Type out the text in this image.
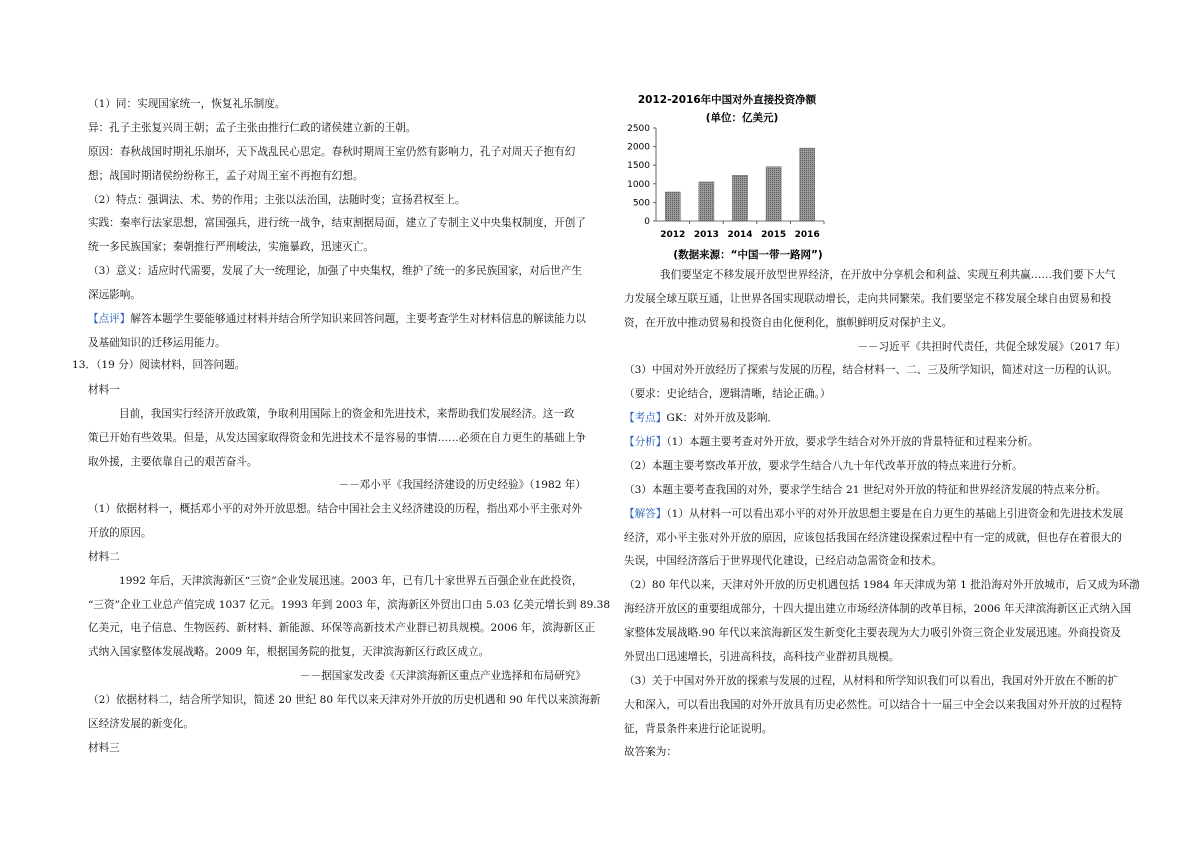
（1）同：实现国家统一，恢复礼乐制度。
异：孔子主张复兴周王朝；孟子主张由推行仁政的诸侯建立新的王朝。
原因：春秋战国时期礼乐崩坏，天下战乱民心思定。春秋时期周王室仍然有影响力，孔子对周天子抱有幻
想；战国时期诸侯纷纷称王，孟子对周王室不再抱有幻想。
（2）特点：强调法、术、势的作用；主张以法治国，法随时变；宣扬君权至上。
实践：秦率行法家思想，富国强兵，进行统一战争，结束割据局面，建立了专制主义中央集权制度，开创了
统一多民族国家；秦朝推行严刑峻法，实施暴政，迅速灭亡。
（3）意义：适应时代需要，发展了大一统理论，加强了中央集权，维护了统一的多民族国家，对后世产生
深远影响。
【点评】解答本题学生要能够通过材料并结合所学知识来回答问题，主要考查学生对材料信息的解读能力以
及基础知识的迁移运用能力。
13．（19 分）阅读材料，回答问题。
材料一
目前，我国实行经济开放政策，争取利用国际上的资金和先进技术，来帮助我们发展经济。这一政
策已开始有些效果。但是，从发达国家取得资金和先进技术不是容易的事情……必须在自力更生的基础上争
取外援，主要依靠自己的艰苦奋斗。
－－邓小平《我国经济建设的历史经验》（1982 年）
（1）依据材料一，概括邓小平的对外开放思想。结合中国社会主义经济建设的历程，指出邓小平主张对外
开放的原因。
材料二
1992 年后，天津滨海新区“三资”企业发展迅速。2003 年，已有几十家世界五百强企业在此投资，
“三资”企业工业总产值完成 1037 亿元。1993 年到 2003 年，滨海新区外贸出口由 5.03 亿美元增长到 89.38
亿美元，电子信息、生物医药、新材料、新能源、环保等高新技术产业群已初具规模。2006 年，滨海新区正
式纳入国家整体发展战略。2009 年，根据国务院的批复，天津滨海新区行政区成立。
－－据国家发改委《天津滨海新区重点产业选择和布局研究》
（2）依据材料二，结合所学知识，简述 20 世纪 80 年代以来天津对外开放的历史机遇和 90 年代以来滨海新
区经济发展的新变化。
材料三
2012-2016年中国对外直接投资净额
(单位：亿美元)
0
500
1000
1500
2000
2500
2012 2013 2014 2015 2016
(数据来源：“中国一带一路网”)
我们要坚定不移发展开放型世界经济，在开放中分享机会和利益、实现互利共赢……我们要下大气
力发展全球互联互通，让世界各国实现联动增长，走向共同繁荣。我们要坚定不移发展全球自由贸易和投
资，在开放中推动贸易和投资自由化便利化，旗帜鲜明反对保护主义。
－－习近平《共担时代责任，共促全球发展》（2017 年）
（3）中国对外开放经历了探索与发展的历程，结合材料一、二、三及所学知识，简述对这一历程的认识。
（要求：史论结合，逻辑清晰，结论正确。）
【考点】GK：对外开放及影响．
【分析】（1）本题主要考查对外开放，要求学生结合对外开放的背景特征和过程来分析。
（2）本题主要考察改革开放，要求学生结合八九十年代改革开放的特点来进行分析。
（3）本题主要考查我国的对外，要求学生结合 21 世纪对外开放的特征和世界经济发展的特点来分析。
【解答】（1）从材料一可以看出邓小平的对外开放思想主要是在自力更生的基础上引进资金和先进技术发展
经济，邓小平主张对外开放的原因，应该包括我国在经济建设探索过程中有一定的成就，但也存在着很大的
失误，中国经济落后于世界现代化建设，已经启动急需资金和技术。
（2）80 年代以来，天津对外开放的历史机遇包括 1984 年天津成为第 1 批沿海对外开放城市，后又成为环渤
海经济开放区的重要组成部分，十四大提出建立市场经济体制的改革目标，2006 年天津滨海新区正式纳入国
家整体发展战略.90 年代以来滨海新区发生新变化主要表现为大力吸引外资三资企业发展迅速。外商投资及
外贸出口迅速增长，引进高科技，高科技产业群初具规模。
（3）关于中国对外开放的探索与发展的过程，从材料和所学知识我们可以看出，我国对外开放在不断的扩
大和深入，可以看出我国的对外开放具有历史必然性。可以结合十一届三中全会以来我国对外开放的过程特
征，背景条件来进行论证说明。
故答案为：
